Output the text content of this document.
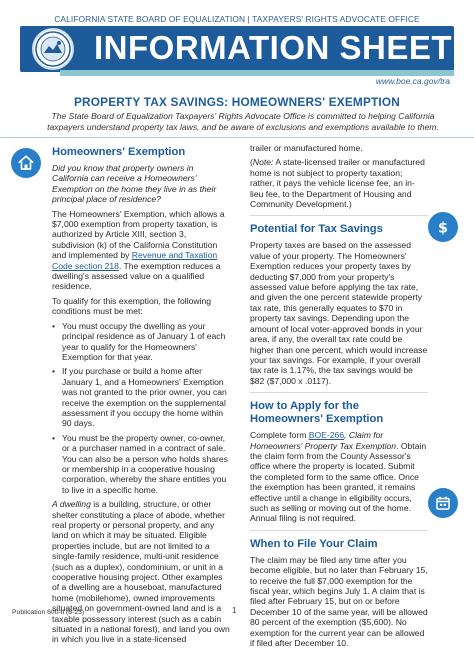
CALIFORNIA STATE BOARD OF EQUALIZATION | TAXPAYERS' RIGHTS ADVOCATE OFFICE
INFORMATION SHEET
www.boe.ca.gov/tra
PROPERTY TAX SAVINGS: HOMEOWNERS' EXEMPTION
The State Board of Equalization Taxpayers' Rights Advocate Office is committed to helping California taxpayers understand property tax laws, and be aware of exclusions and exemptions available to them.
$
Homeowners' Exemption

Did you know that property owners in California can receive a Homeowners' Exemption on the home they live in as their principal place of residence?

The Homeowners' Exemption, which allows a $7,000 exemption from property taxation, is authorized by Article XIII, section 3, subdivision (k) of the California Constitution and implemented by Revenue and Taxation Code section 218. The exemption reduces a dwelling's assessed value on a qualified residence.

To qualify for this exemption, the following conditions must be met:

• You must occupy the dwelling as your principal residence as of January 1 of each year to qualify for the Homeowners' Exemption for that year.
• If you purchase or build a home after January 1, and a Homeowners' Exemption was not granted to the prior owner, you can receive the exemption on the supplemental assessment if you occupy the home within 90 days.
• You must be the property owner, co-owner, or a purchaser named in a contract of sale. You can also be a person who holds shares or membership in a cooperative housing corporation, whereby the share entitles you to live in a specific home.

A dwelling is a building, structure, or other shelter constituting a place of abode, whether real property or personal property, and any land on which it may be situated. Eligible properties include, but are not limited to a single-family residence, multi-unit residence (such as a duplex), condominium, or unit in a cooperative housing project. Other examples of a dwelling are a houseboat, manufactured home (mobilehome), owned improvements situated on government-owned land and is a taxable possessory interest (such as a cabin situated in a national forest), and land you own in which you live in a state-licensed

trailer or manufactured home.

(Note: A state-licensed trailer or manufactured home is not subject to property taxation; rather, it pays the vehicle license fee, an in-lieu fee, to the Department of Housing and Community Development.)

Potential for Tax Savings

Property taxes are based on the assessed value of your property. The Homeowners' Exemption reduces your property taxes by deducting $7,000 from your property's assessed value before applying the tax rate, and given the one percent statewide property tax rate, this generally equates to $70 in property tax savings. Depending upon the amount of local voter-approved bonds in your area, if any, the overall tax rate could be higher than one percent, which would increase your tax savings. For example, if your overall tax rate is 1.17%, the tax savings would be
$82 ($7,000 x .0117).

How to Apply for the Homeowners' Exemption

Complete form BOE-266, Claim for Homeowners' Property Tax Exemption. Obtain the claim form from the County Assessor's office where the property is located. Submit the completed form to the same office. Once the exemption has been granted, it remains effective until a change in eligibility occurs, such as selling or moving out of the home. Annual filing is not required.

When to File Your Claim

The claim may be filed any time after you become eligible, but no later than February 15, to receive the full $7,000 exemption for the fiscal year, which begins July 1. A claim that is filed after February 15, but on or before December 10 of the same year, will be allowed 80 percent of the exemption ($5,600). No exemption for the current year can be allowed if filed after December 10.

Publication 600-ti (6-23)	1
